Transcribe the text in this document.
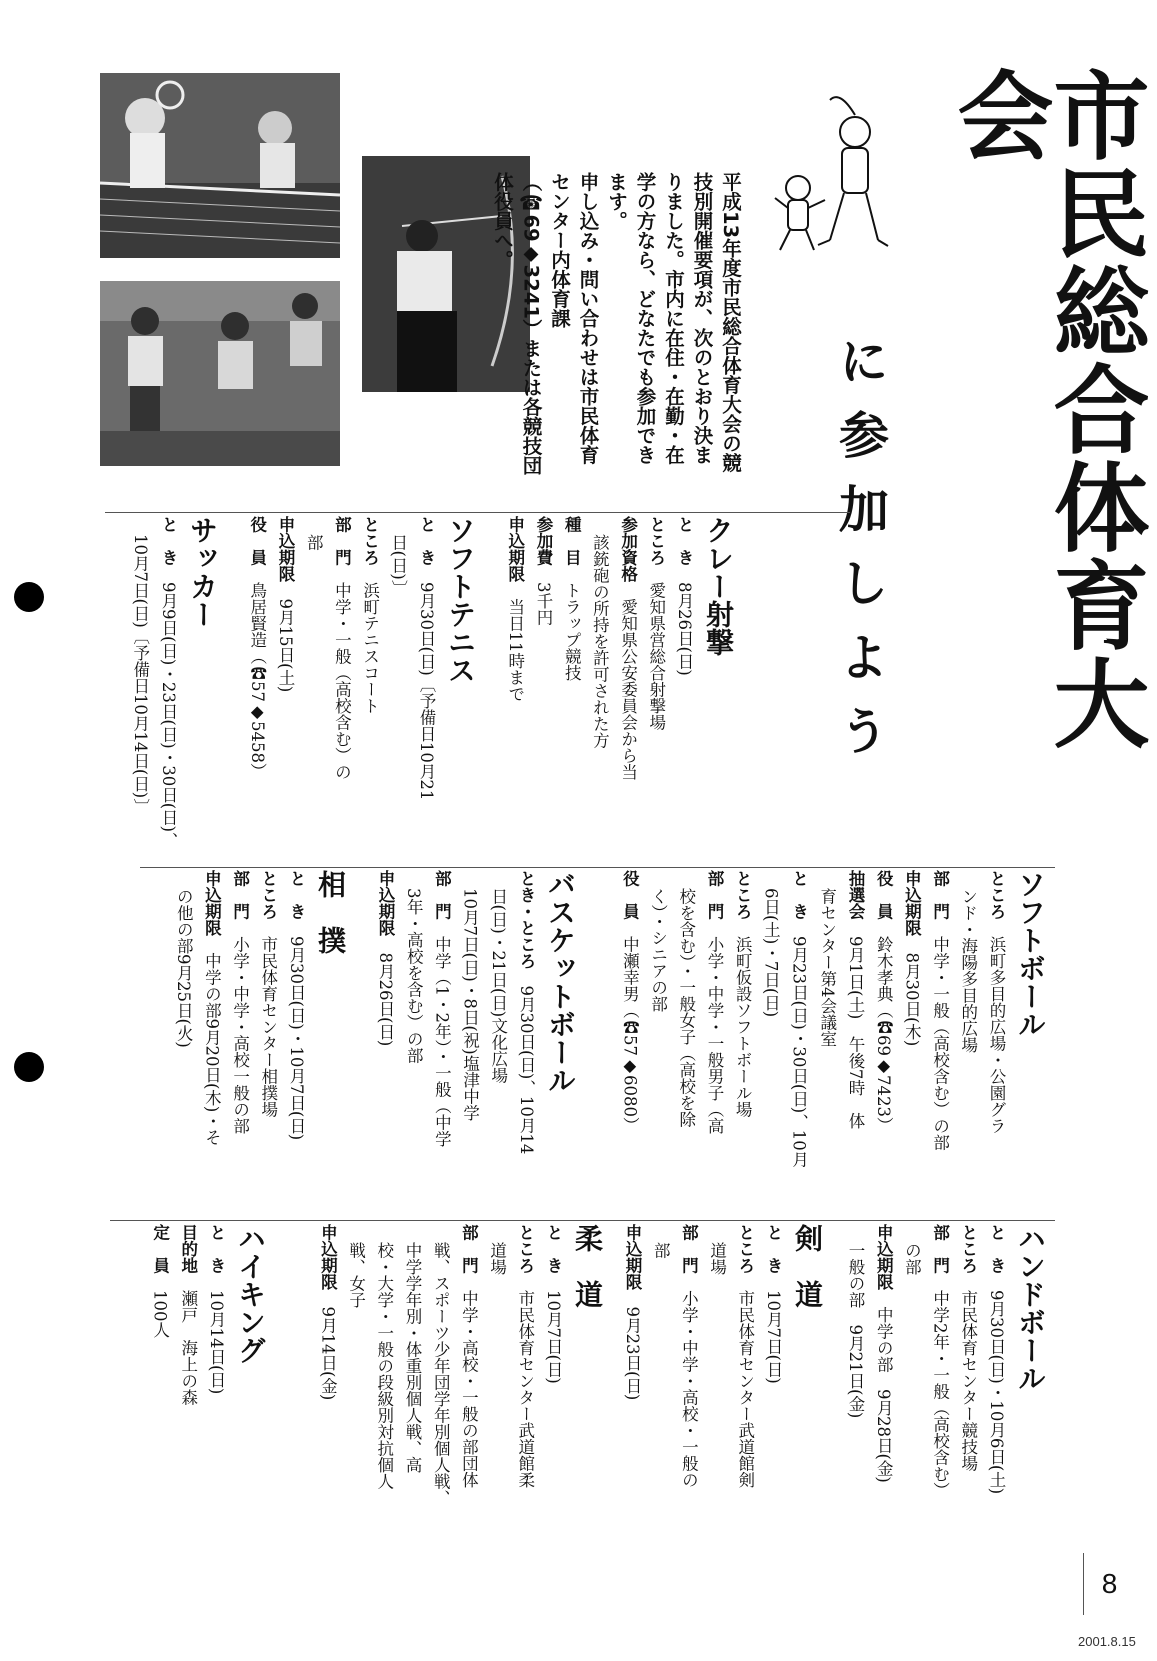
市民総合体育大会
に参加しよう
平成13年度市民総合体育大会の競技別開催要項が、次のとおり決まりました。市内に在住・在勤・在学の方なら、どなたでも参加できます。
申し込み・問い合わせは市民体育センター内体育課（☎69◆3241）または各競技団体役員へ。

クレー射撃

と　き　8月26日(日)

ところ　愛知県営総合射撃場

参加資格　愛知県公安委員会から当

該銃砲の所持を許可された方

種　目　トラップ競技

参加費　3千円

申込期限　当日11時まで

ソフトテニス

と　き　9月30日(日)〔予備日10月21

日(日)〕

ところ　浜町テニスコート

部　門　中学・一般（高校含む）の

部

申込期限　9月15日(土)

役　員　鳥居賢造（☎57◆5458）

サッカー

と　き　9月9日(日)・23日(日)・30日(日)、

10月7日(日)〔予備日10月14日(日)〕

ソフトボール

ところ　浜町多目的広場・公園グラ

ンド・海陽多目的広場

部　門　中学・一般（高校含む）の部

申込期限　8月30日(木)

役　員　鈴木孝典（☎69◆7423）

抽選会　9月1日(土)　午後7時　体

育センター第4会議室

と　き　9月23日(日)・30日(日)、10月

6日(土)・7日(日)

ところ　浜町仮設ソフトボール場

部　門　小学・中学・一般男子（高

校を含む）・一般女子（高校を除

く）・シニアの部

役　員　中瀬幸男（☎57◆6080）

バスケットボール

とき・ところ　9月30日(日)、10月14

日(日)・21日(日)文化広場

10月7日(日)・8日(祝)塩津中学

部　門　中学（1・2年）・一般（中学

3年・高校を含む）の部

申込期限　8月26日(日)

相　撲

と　き　9月30日(日)・10月7日(日)

ところ　市民体育センター相撲場

部　門　小学・中学・高校一般の部

申込期限　中学の部9月20日(木)・そ

の他の部9月25日(火)

ハンドボール

と　き　9月30日(日)・10月6日(土)

ところ　市民体育センター競技場

部　門　中学2年・一般（高校含む）

の部

申込期限　中学の部　9月28日(金)

一般の部　9月21日(金)

剣　道

と　き　10月7日(日)

ところ　市民体育センター武道館剣

道場

部　門　小学・中学・高校・一般の

部

申込期限　9月23日(日)

柔　道

と　き　10月7日(日)

ところ　市民体育センター武道館柔

道場

部　門　中学・高校・一般の部団体

戦、スポーツ少年団学年別個人戦、

中学学年別・体重別個人戦、高

校・大学・一般の段級別対抗個人

戦、女子

申込期限　9月14日(金)

ハイキング

と　き　10月14日(日)

目的地　瀬戸　海上の森

定　員　100人

8
2001.8.15
